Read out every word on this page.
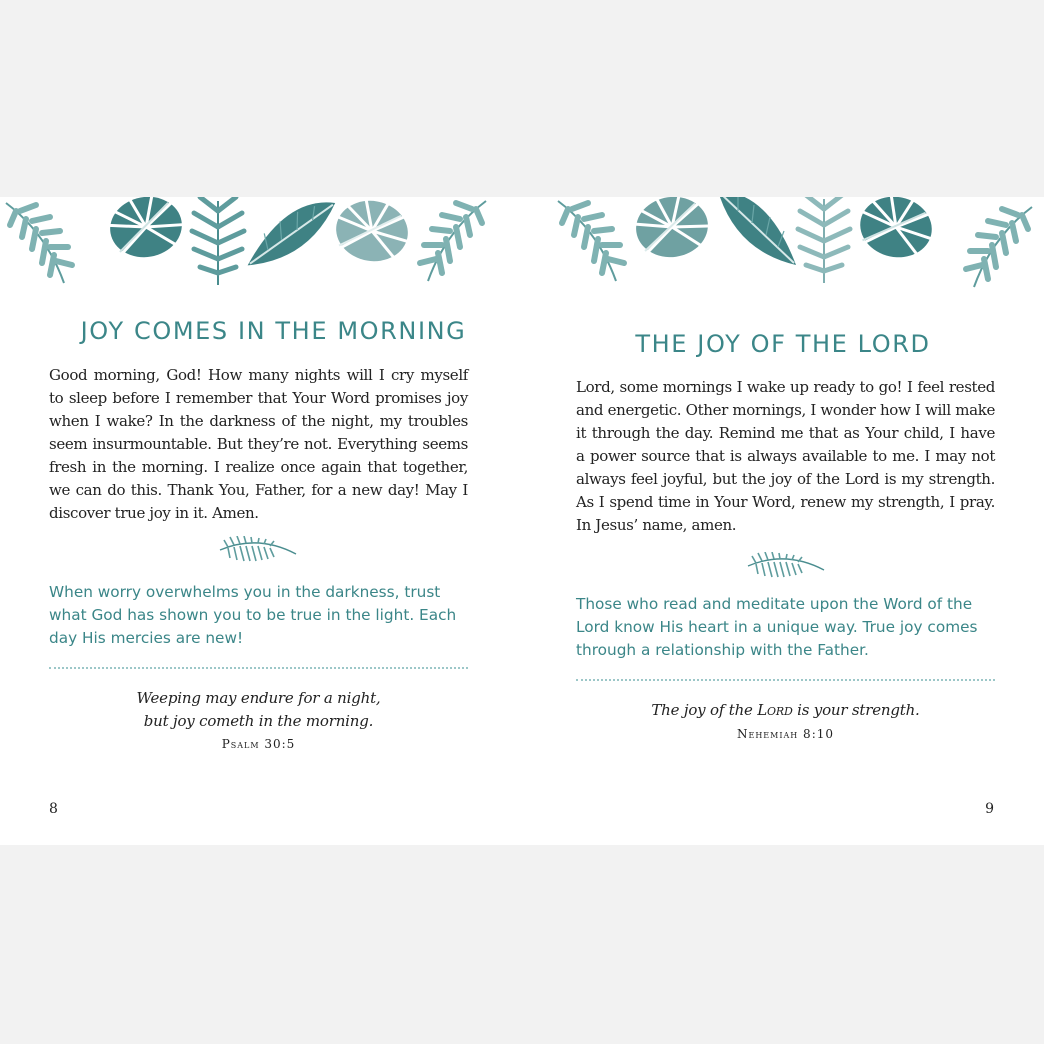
JOY COMES IN THE MORNING

Good morning, God! How many nights will I cry myself to sleep before I remember that Your Word promises joy when I wake? In the darkness of the night, my troubles seem insurmountable. But they’re not. Everything seems fresh in the morning. I realize once again that together, we can do this. Thank You, Father, for a new day! May I discover true joy in it. Amen.

When worry overwhelms you in the darkness, trust what God has shown you to be true in the light. Each day His mercies are new!

Weeping may endure for a night,
but joy cometh in the morning.

Psalm 30:5
8
THE JOY OF THE LORD

Lord, some mornings I wake up ready to go! I feel rested and energetic. Other mornings, I wonder how I will make it through the day. Remind me that as Your child, I have a power source that is always available to me. I may not always feel joyful, but the joy of the Lord is my strength. As I spend time in Your Word, renew my strength, I pray. In Jesus’ name, amen.

Those who read and meditate upon the Word of the Lord know His heart in a unique way. True joy comes through a relationship with the Father.

The joy of the Lord is your strength.

Nehemiah 8:10
9
